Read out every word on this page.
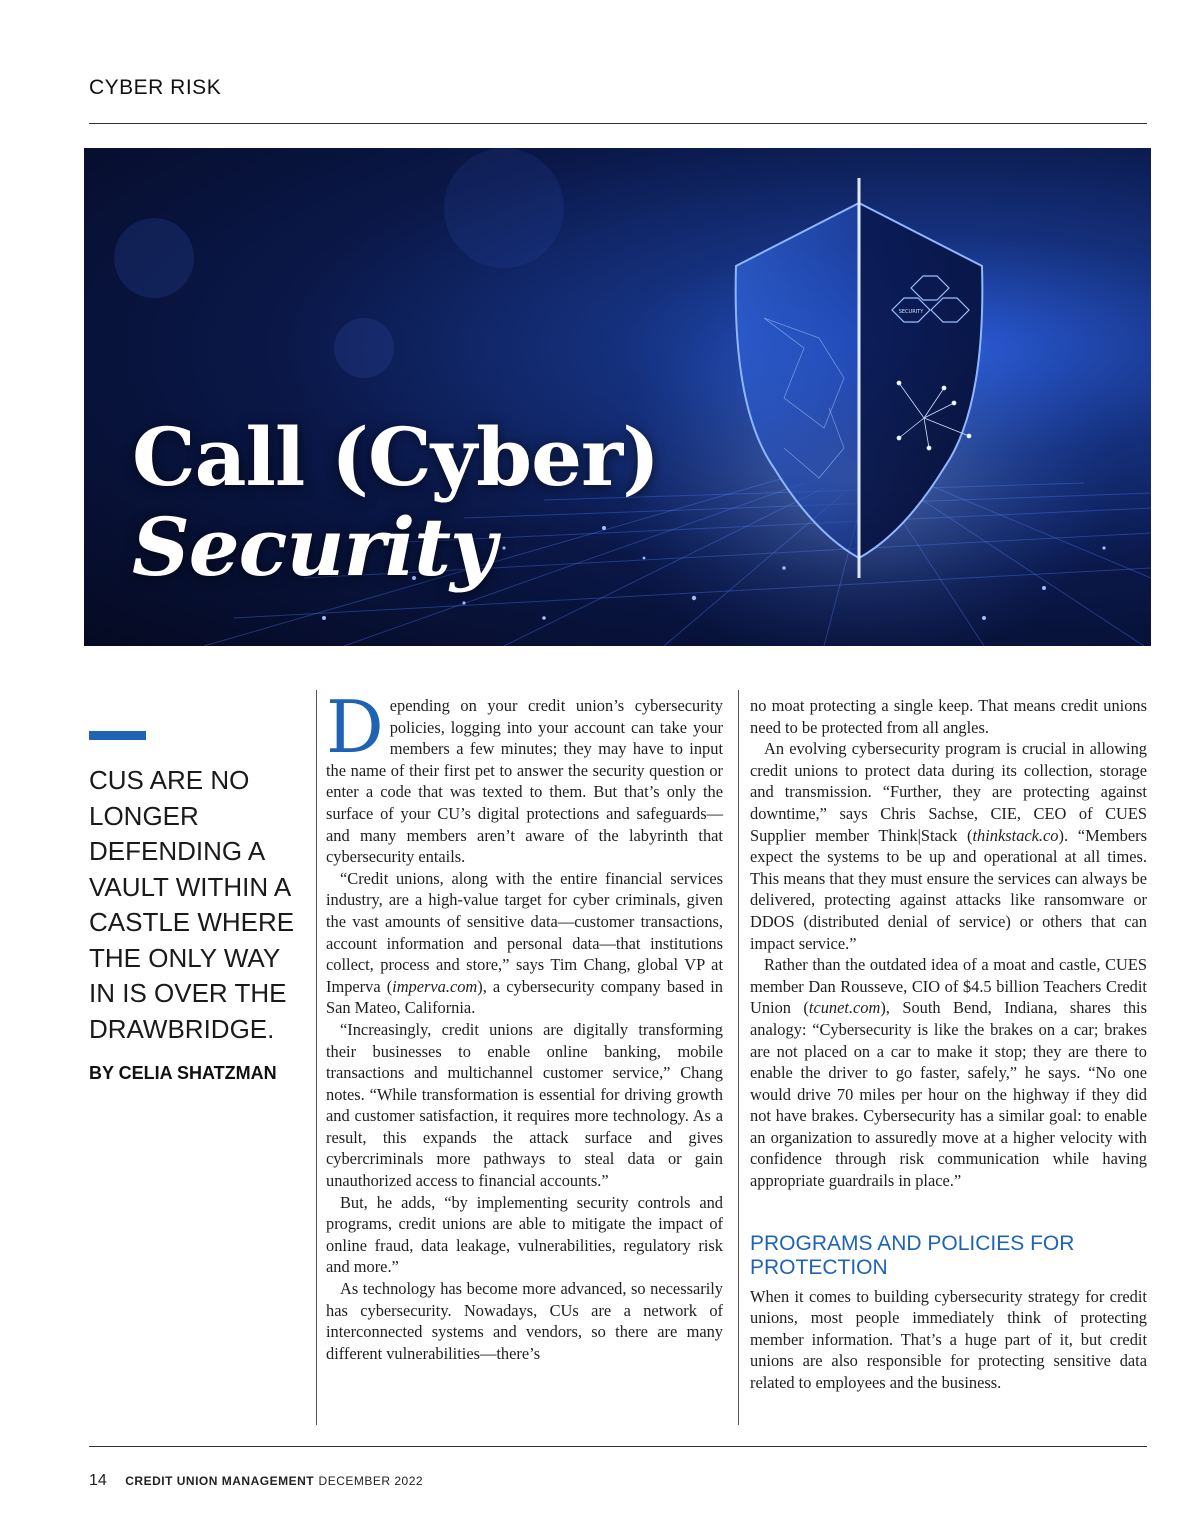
CYBER RISK
SECURITY
Call (Cyber)
Security
CUS ARE NO LONGER DEFENDING A VAULT WITHIN A CASTLE WHERE THE ONLY WAY IN IS OVER THE DRAWBRIDGE.
BY CELIA SHATZMAN

Depending on your credit union’s cybersecurity policies, logging into your account can take your members a few minutes; they may have to input the name of their first pet to answer the security question or enter a code that was texted to them. But that’s only the surface of your CU’s digital protections and safeguards—and many members aren’t aware of the labyrinth that cybersecurity entails.

“Credit unions, along with the entire financial services industry, are a high-value target for cyber criminals, given the vast amounts of sensitive data—customer transactions, account information and personal data—that institutions collect, process and store,” says Tim Chang, global VP at Imperva (imperva.com), a cybersecurity company based in San Mateo, California.

“Increasingly, credit unions are digitally transforming their businesses to enable online banking, mobile transactions and multichannel customer service,” Chang notes. “While transformation is essential for driving growth and customer satisfaction, it requires more technology. As a result, this expands the attack surface and gives cybercriminals more pathways to steal data or gain unauthorized access to financial accounts.”

But, he adds, “by implementing security controls and programs, credit unions are able to mitigate the impact of online fraud, data leakage, vulnerabilities, regulatory risk and more.”

As technology has become more advanced, so necessarily has cybersecurity. Nowadays, CUs are a network of interconnected systems and vendors, so there are many different vulnerabilities—there’s

no moat protecting a single keep. That means credit unions need to be protected from all angles.

An evolving cybersecurity program is crucial in allowing credit unions to protect data during its collection, storage and transmission. “Further, they are protecting against downtime,” says Chris Sachse, CIE, CEO of CUES Supplier member Think|Stack (thinkstack.co). “Members expect the systems to be up and operational at all times. This means that they must ensure the services can always be delivered, protecting against attacks like ransomware or DDOS (distributed denial of service) or others that can impact service.”

Rather than the outdated idea of a moat and castle, CUES member Dan Rousseve, CIO of $4.5 billion Teachers Credit Union (tcunet.com), South Bend, Indiana, shares this analogy: “Cybersecurity is like the brakes on a car; brakes are not placed on a car to make it stop; they are there to enable the driver to go faster, safely,” he says. “No one would drive 70 miles per hour on the highway if they did not have brakes. Cybersecurity has a similar goal: to enable an organization to assuredly move at a higher velocity with confidence through risk communication while having appropriate guardrails in place.”

PROGRAMS AND POLICIES FOR PROTECTION

When it comes to building cybersecurity strategy for credit unions, most people immediately think of protecting member information. That’s a huge part of it, but credit unions are also responsible for protecting sensitive data related to employees and the business.

14 CREDIT UNION MANAGEMENT DECEMBER 2022
